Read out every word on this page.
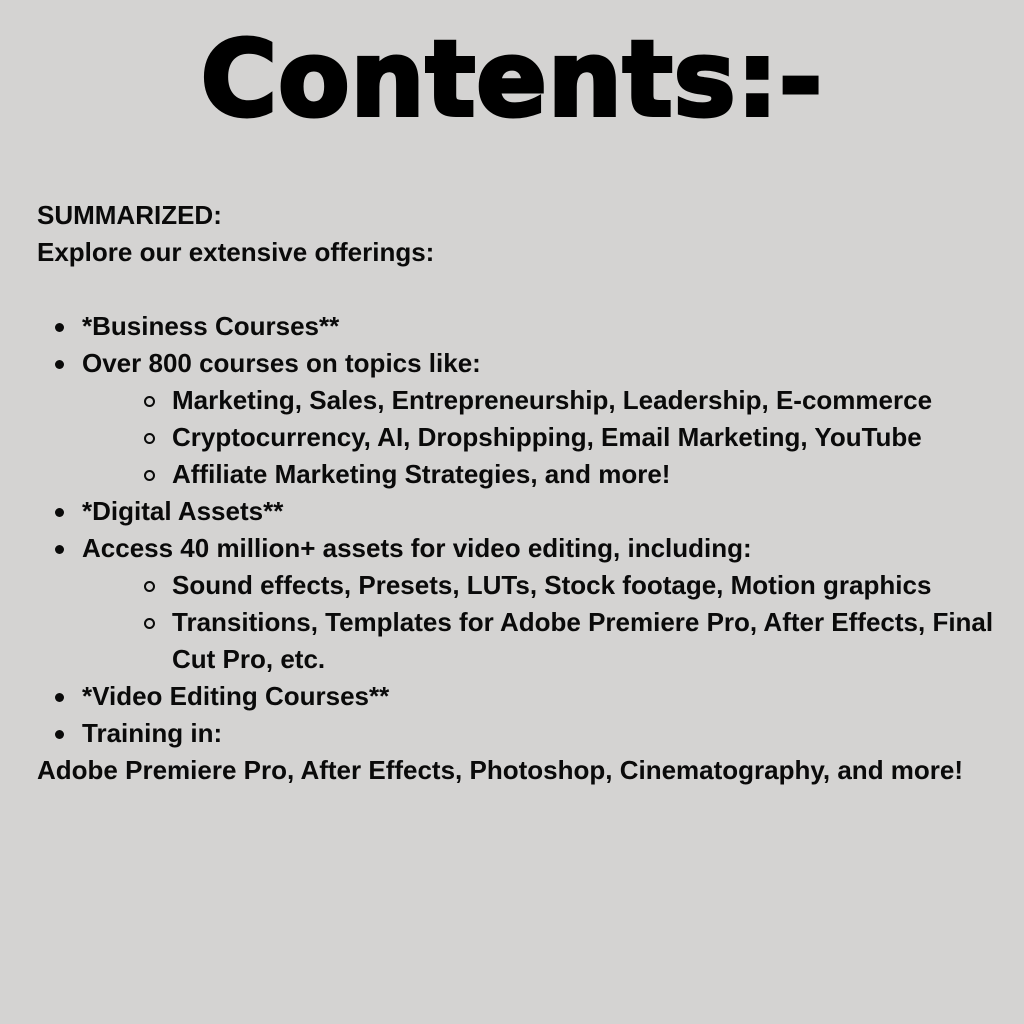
Contents:-

SUMMARIZED:

Explore our extensive offerings:

*Business Courses**
Over 800 courses on topics like:
Marketing, Sales, Entrepreneurship, Leadership, E-commerce
Cryptocurrency, AI, Dropshipping, Email Marketing, YouTube
Affiliate Marketing Strategies, and more!
*Digital Assets**
Access 40 million+ assets for video editing, including:
Sound effects, Presets, LUTs, Stock footage, Motion graphics
Transitions, Templates for Adobe Premiere Pro, After Effects, Final Cut Pro, etc.
*Video Editing Courses**
Training in:

Adobe Premiere Pro, After Effects, Photoshop, Cinematography, and more!
